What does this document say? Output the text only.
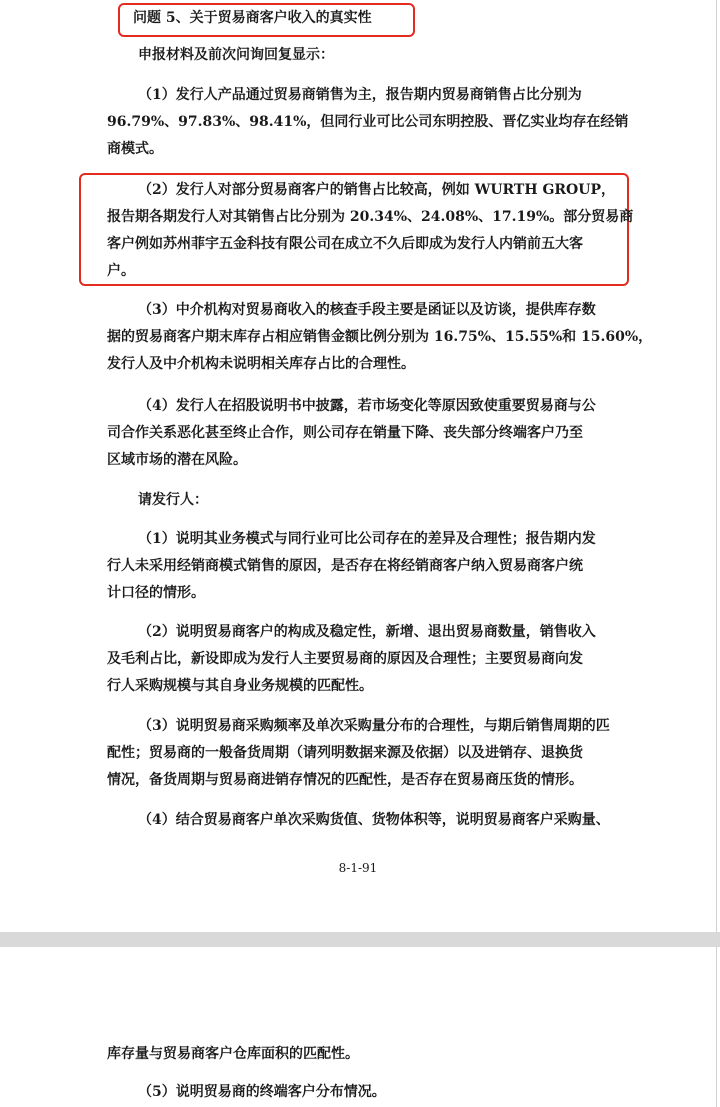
问题 5、关于贸易商客户收入的真实性
申报材料及前次问询回复显示：
（1）发行人产品通过贸易商销售为主，报告期内贸易商销售占比分别为
96.79%、97.83%、98.41%，但同行业可比公司东明控股、晋亿实业均存在经销
商模式。
（2）发行人对部分贸易商客户的销售占比较高，例如 WURTH GROUP，
报告期各期发行人对其销售占比分别为 20.34%、24.08%、17.19%。部分贸易商
客户例如苏州菲宇五金科技有限公司在成立不久后即成为发行人内销前五大客
户。
（3）中介机构对贸易商收入的核查手段主要是函证以及访谈，提供库存数
据的贸易商客户期末库存占相应销售金额比例分别为 16.75%、15.55%和 15.60%，
发行人及中介机构未说明相关库存占比的合理性。
（4）发行人在招股说明书中披露，若市场变化等原因致使重要贸易商与公
司合作关系恶化甚至终止合作，则公司存在销量下降、丧失部分终端客户乃至
区域市场的潜在风险。
请发行人：
（1）说明其业务模式与同行业可比公司存在的差异及合理性；报告期内发
行人未采用经销商模式销售的原因，是否存在将经销商客户纳入贸易商客户统
计口径的情形。
（2）说明贸易商客户的构成及稳定性，新增、退出贸易商数量，销售收入
及毛利占比，新设即成为发行人主要贸易商的原因及合理性；主要贸易商向发
行人采购规模与其自身业务规模的匹配性。
（3）说明贸易商采购频率及单次采购量分布的合理性，与期后销售周期的匹
配性；贸易商的一般备货周期（请列明数据来源及依据）以及进销存、退换货
情况，备货周期与贸易商进销存情况的匹配性，是否存在贸易商压货的情形。
（4）结合贸易商客户单次采购货值、货物体积等，说明贸易商客户采购量、
8-1-91
库存量与贸易商客户仓库面积的匹配性。
（5）说明贸易商的终端客户分布情况。
